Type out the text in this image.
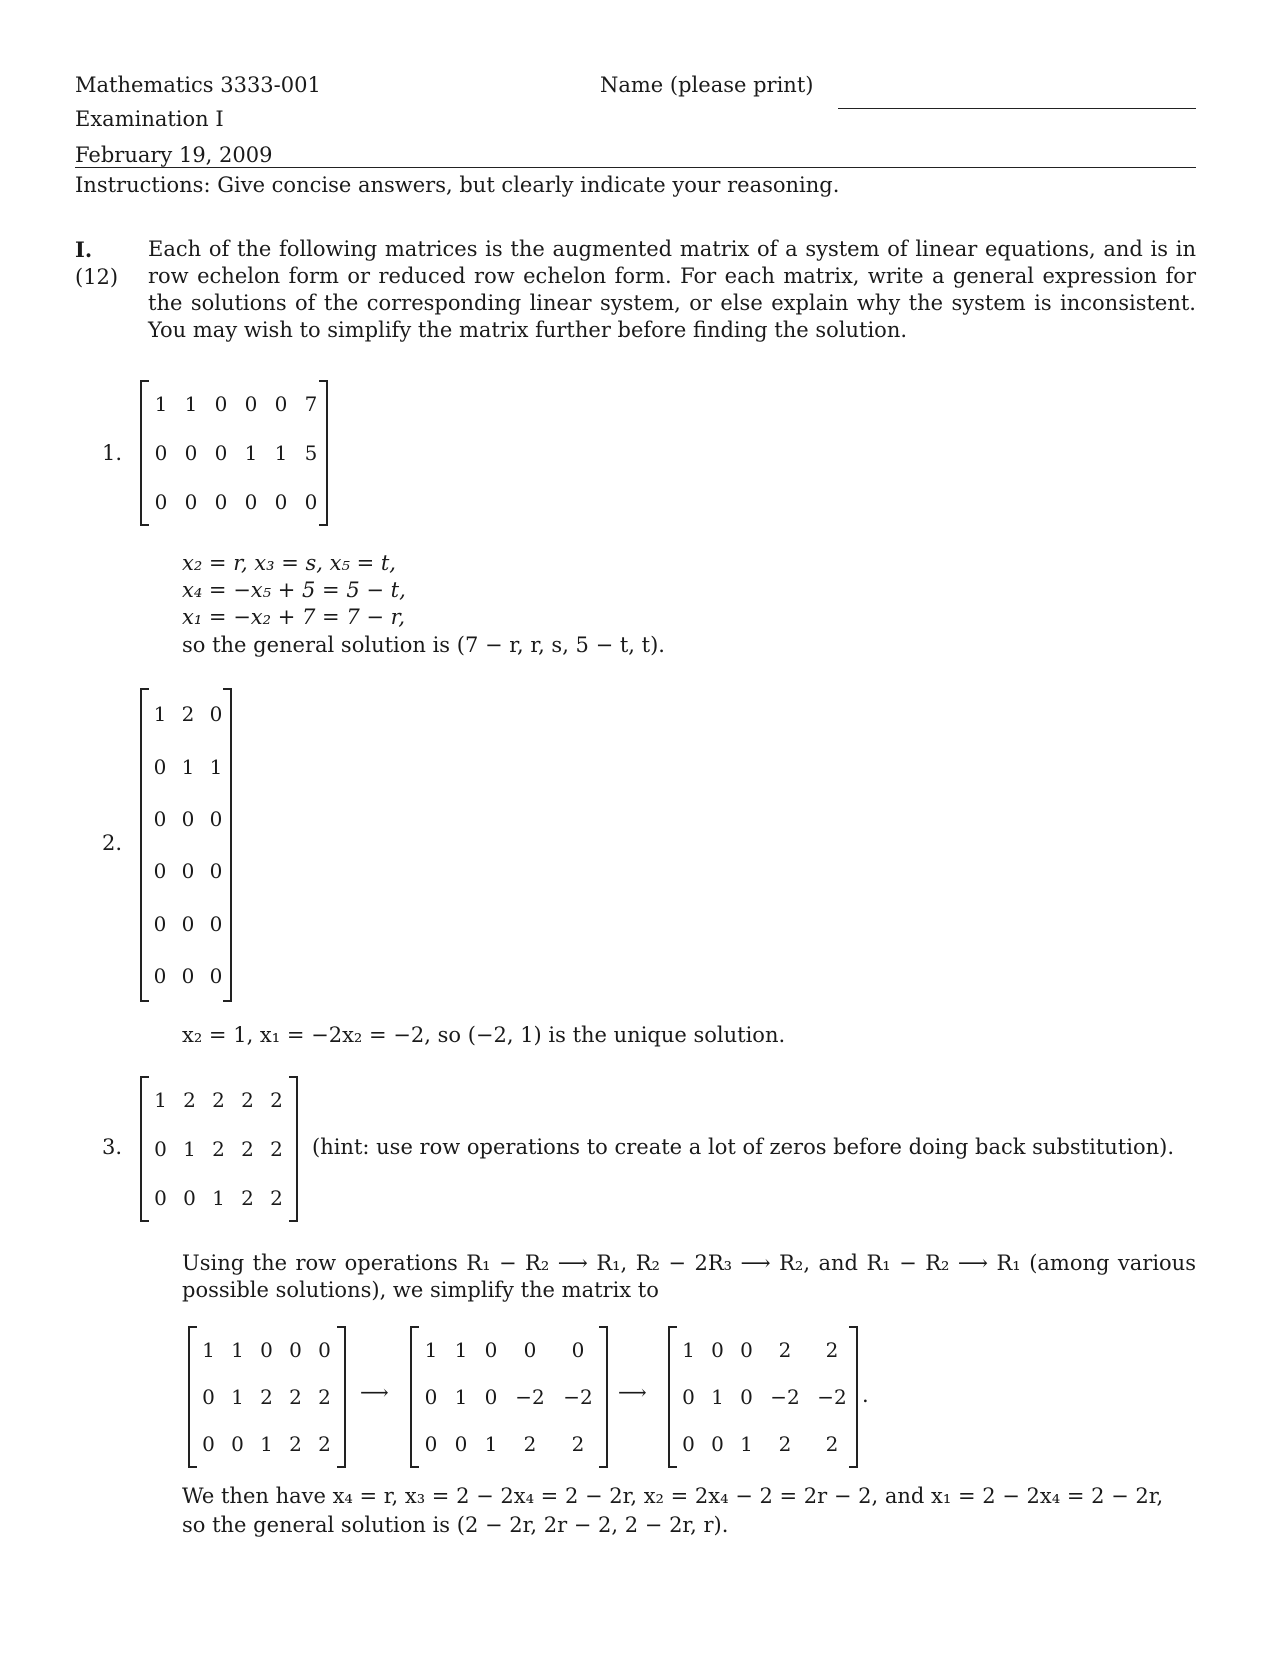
Mathematics 3333-001
Examination I
February 19, 2009
Name (please print)
Instructions: Give concise answers, but clearly indicate your reasoning.
I.
(12)
Each of the following matrices is the augmented matrix of a system of linear equations, and is in row echelon form or reduced row echelon form. For each matrix, write a general expression for the solutions of the corresponding linear system, or else explain why the system is inconsistent. You may wish to simplify the matrix further before finding the solution.
1.
1 1 0 0 0 7
0 0 0 1 1 5
0 0 0 0 0 0
x₂ = r, x₃ = s, x₅ = t,
x₄ = −x₅ + 5 = 5 − t,
x₁ = −x₂ + 7 = 7 − r,
so the general solution is (7 − r, r, s, 5 − t, t).
2.
1 2 0
0 1 1
0 0 0
0 0 0
0 0 0
0 0 0
x₂ = 1, x₁ = −2x₂ = −2, so (−2, 1) is the unique solution.
3.
1 2 2 2 2
0 1 2 2 2
0 0 1 2 2
(hint: use row operations to create a lot of zeros before doing back substitution).
Using the row operations R₁ − R₂ ⟶ R₁, R₂ − 2R₃ ⟶ R₂, and R₁ − R₂ ⟶ R₁ (among various possible solutions), we simplify the matrix to
1 1 0 0 0
0 1 2 2 2
0 0 1 2 2
⟶
1 1 0	0	0
0 1 0 −2 −2
0 0 1	2	2
⟶
1 0 0	2	2
0 1 0 −2 −2
0 0 1	2	2
.
We then have x₄ = r, x₃ = 2 − 2x₄ = 2 − 2r, x₂ = 2x₄ − 2 = 2r − 2, and x₁ = 2 − 2x₄ = 2 − 2r,
so the general solution is (2 − 2r, 2r − 2, 2 − 2r, r).
